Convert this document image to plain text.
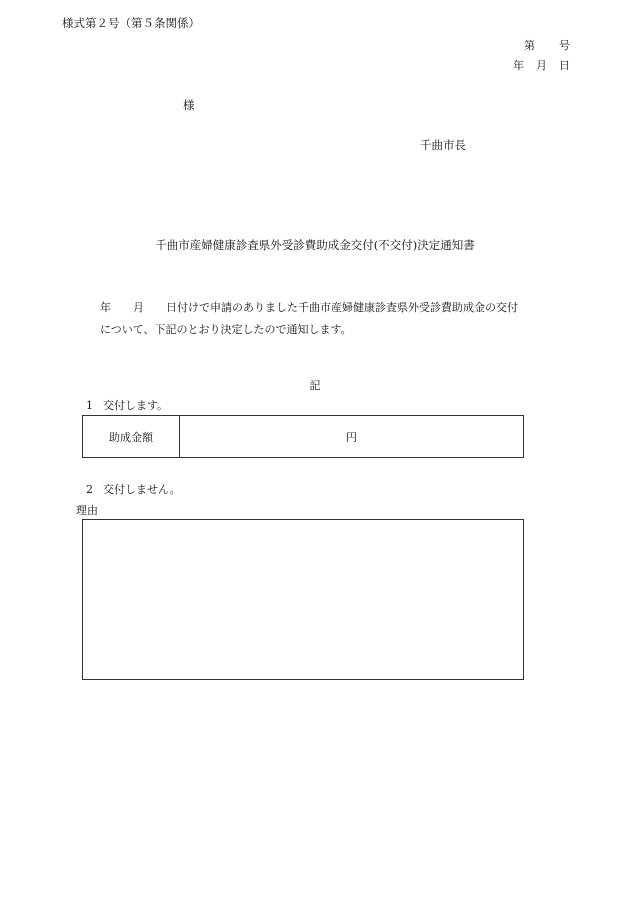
様式第２号（第５条関係）
第 号
年 月 日
様
千曲市長
千曲市産婦健康診査県外受診費助成金交付(不交付)決定通知書
年 月 日付けで申請のありました千曲市産婦健康診査県外受診費助成金の交付
について、下記のとおり決定したので通知します。
記
1 交付します。
助成金額	円
2 交付しません。
理由
